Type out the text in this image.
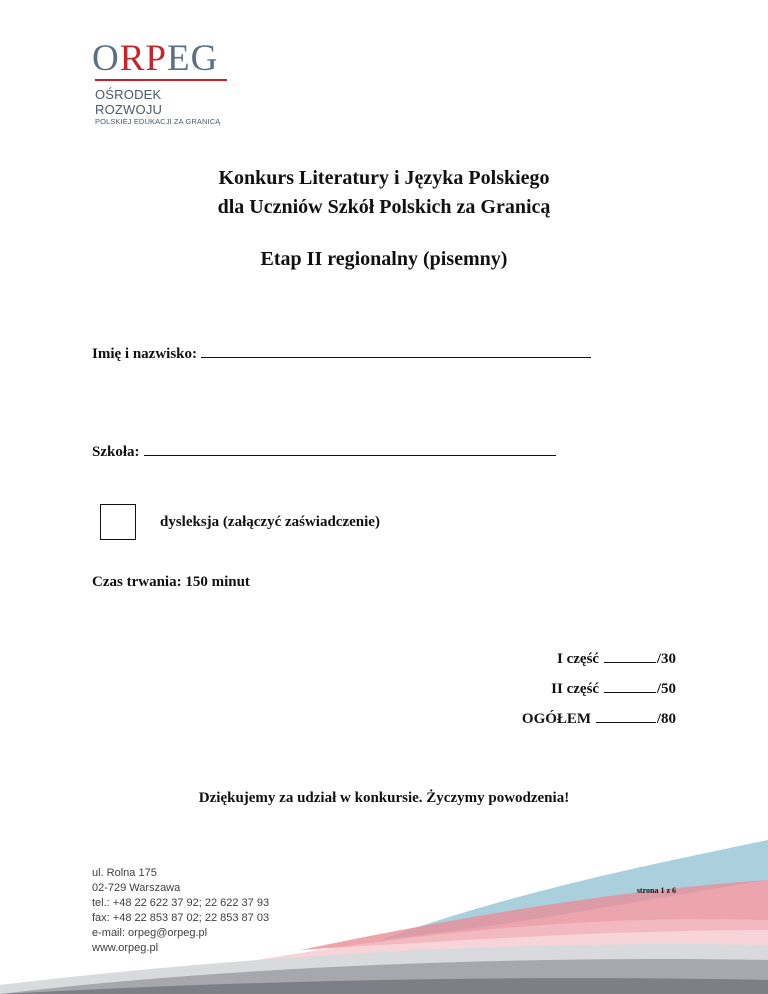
ORPEG
OŚRODEK ROZWOJU
POLSKIEJ EDUKACJI ZA GRANICĄ
Konkurs Literatury i Języka Polskiego
dla Uczniów Szkół Polskich za Granicą
Etap II regionalny (pisemny)
Imię i nazwisko:
Szkoła:
dysleksja (załączyć zaświadczenie)
Czas trwania: 150 minut
I część	/30
II część	/50
OGÓŁEM	/80
Dziękujemy za udział w konkursie. Życzymy powodzenia!
ul. Rolna 175
02-729 Warszawa
tel.: +48 22 622 37 92; 22 622 37 93
fax: +48 22 853 87 02; 22 853 87 03
e-mail: orpeg@orpeg.pl
www.orpeg.pl
strona 1 z 6
